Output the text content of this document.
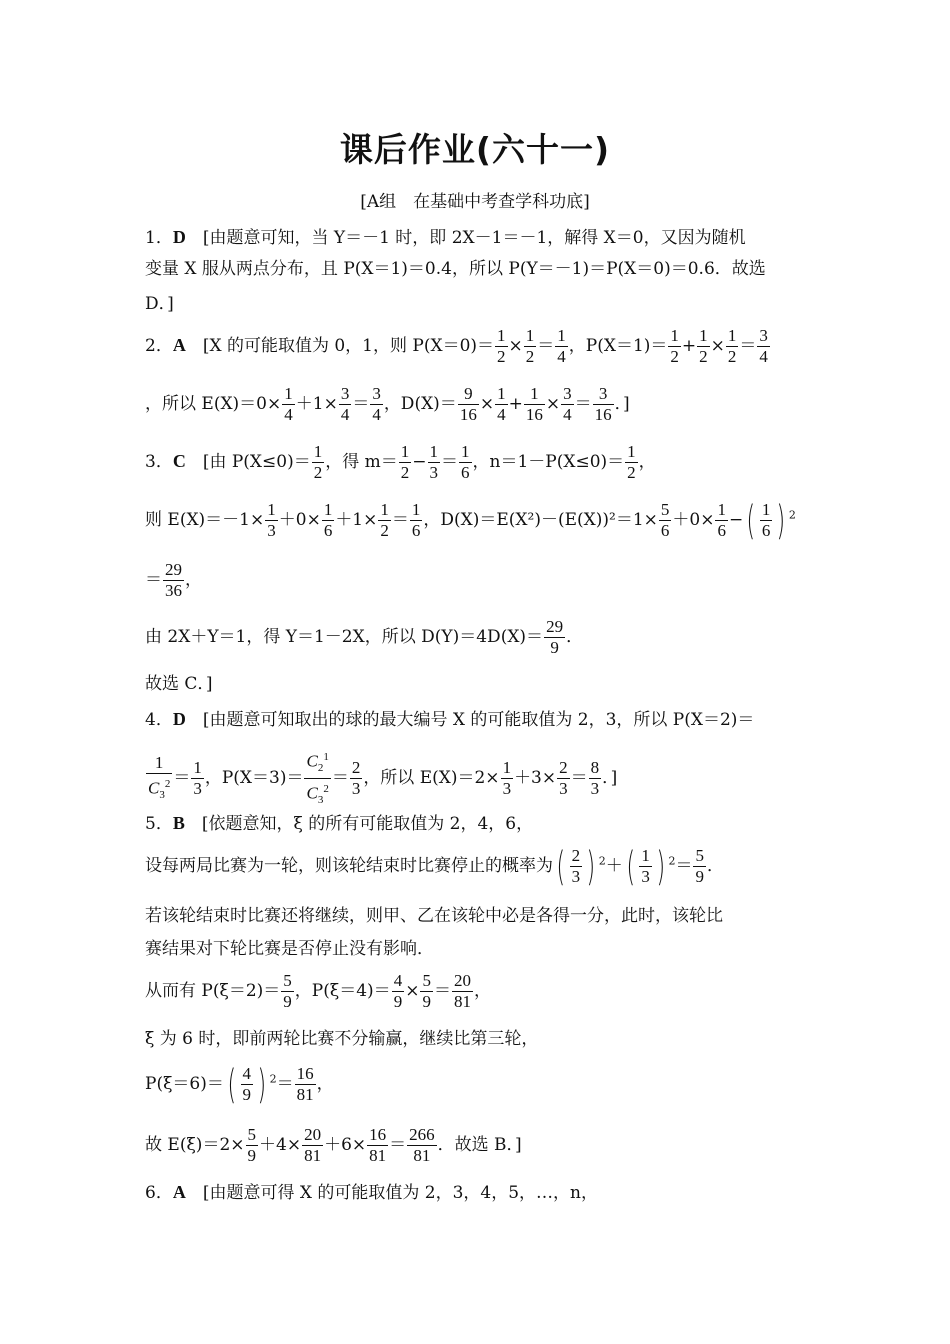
课后作业(六十一)
[A组　在基础中考查学科功底]
1．D　 [由题意可知，当 Y＝－1 时，即 2X－1＝－1，解得 X＝0，又因为随机
变量 X 服从两点分布，且 P(X＝1)＝0.4，所以 P(Y＝－1)＝P(X＝0)＝0.6．故选
D．]
2．A　 [X 的可能取值为 0，1，则 $P(X=0)= \frac{1}{2} \times \frac{1}{2} = \frac{1}{4}$ ，$P(X=1)= \frac{1}{2} + \frac{1}{2} \times \frac{1}{2} = \frac{3}{4}$
，所以 $E(X)=0\times \frac{1}{4} +1\times \frac{3}{4} = \frac{3}{4}$ ，$D(X)= \frac{9}{16} \times \frac{1}{4} + \frac{1}{16} \times \frac{3}{4} = \frac{3}{16}$ ．]
3．C　 [由 $P(X\le 0)= \frac{1}{2}$ ，得 $m= \frac{1}{2} - \frac{1}{3} = \frac{1}{6}$ ，$n=1-P(X\le 0)= \frac{1}{2}$ ，
则 $E(X)=-1\times \frac{1}{3} +0\times \frac{1}{6} +1\times \frac{1}{2} = \frac{1}{6}$ ，$D(X)=E(X^2)-(E(X))^2=1\times \frac{5}{6} +0\times \frac{1}{6}$ −( $\frac{1}{6}$ ) $^2$
＝ $\frac{29}{36}$ ，
由 2X＋Y＝1，得 Y＝1－2X，所以 $D(Y)=4D(X)= \frac{29}{9}$ ．
故选 C．]
4．D　 [由题意可知取出的球的最大编号 X 的可能取值为 2，3，所以 P(X＝2)＝
$\frac{1}{C_3^2} = \frac{1}{3}$ ，$P(X=3)= \frac{C_2^1}{C_3^2} = \frac{2}{3}$ ，所以 $E(X)=2\times \frac{1}{3} +3\times \frac{2}{3} = \frac{8}{3}$ ．]
5．B　 [依题意知，ξ 的所有可能取值为 2，4，6，
设每两局比赛为一轮，则该轮结束时比赛停止的概率为( $\frac{2}{3}$ ) $^2+( \frac{1}{3}$ ) $^2= \frac{5}{9}$ ．
若该轮结束时比赛还将继续，则甲、乙在该轮中必是各得一分，此时，该轮比
赛结果对下轮比赛是否停止没有影响．
从而有 $P(\xi=2)= \frac{5}{9}$ ，$P(\xi=4)= \frac{4}{9} \times \frac{5}{9} = \frac{20}{81}$ ，
ξ 为 6 时，即前两轮比赛不分输赢，继续比第三轮，
$P(\xi=6)=( \frac{4}{9}$ ) $^2= \frac{16}{81}$ ，
故 $E(\xi)=2\times \frac{5}{9} +4\times \frac{20}{81} +6\times \frac{16}{81} = \frac{266}{81}$ ．故选 B．]
6．A　 [由题意可得 X 的可能取值为 2，3，4，5，…，n，
